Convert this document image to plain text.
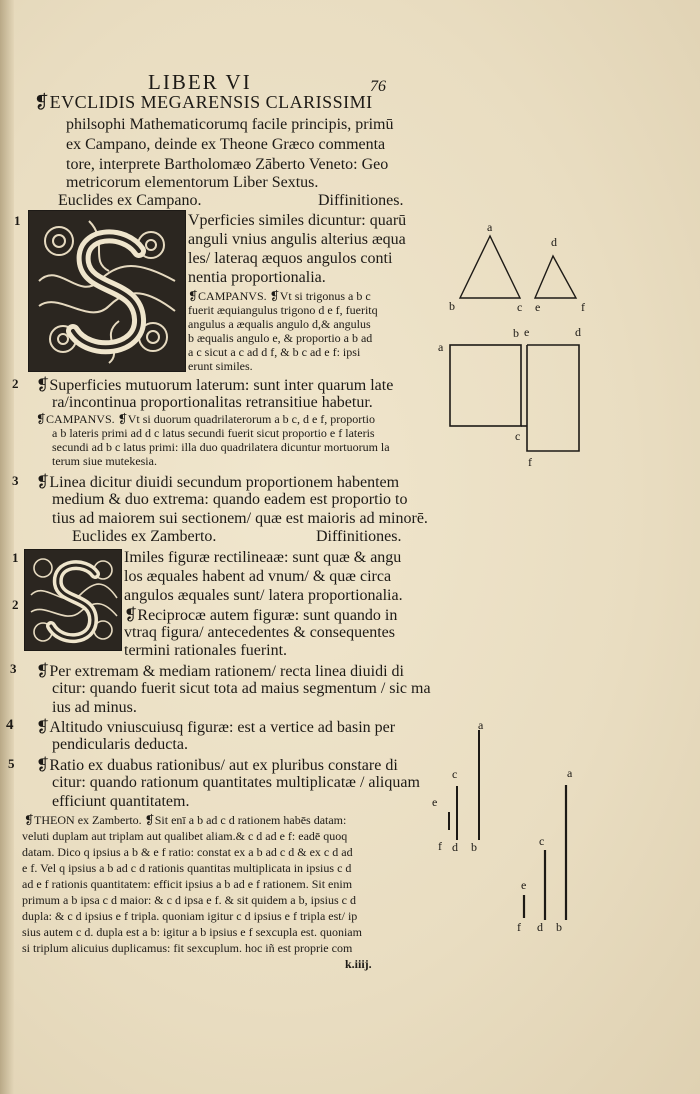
LIBER VI	76
❡EVCLIDIS MEGARENSIS CLARISSIMI
philsophi Mathematicorumq facile principis, primū
ex Campano, deinde ex Theone Græco commenta
tore, interprete Bartholomæo Zāberto Veneto: Geo
metricorum elementorum Liber Sextus.
Euclides ex Campano.	Diffinitiones.
Vperficies similes dicuntur: quarū
anguli vnius angulis alterius æqua
les/ lateraq æquos angulos conti
nentia proportionalia.
❡CAMPANVS. ❡Vt si trigonus a b c
fuerit æquiangulus trigono d e f, fueritq
angulus a æqualis angulo d,& angulus
b æqualis angulo e, & proportio a b ad
a c sicut a c ad d f, & b c ad e f: ipsi
erunt similes.
❡Superficies mutuorum laterum: sunt inter quarum late
ra/incontinua proportionalitas retransitiue habetur.
❡CAMPANVS. ❡Vt si duorum quadrilaterorum a b c, d e f, proportio
a b lateris primi ad d c latus secundi fuerit sicut proportio e f lateris
secundi ad b c latus primi: illa duo quadrilatera dicuntur mortuorum la
terum siue mutekesia.
❡Linea dicitur diuidi secundum proportionem habentem
medium & duo extrema: quando eadem est proportio to
tius ad maiorem sui sectionem/ quæ est maioris ad minorē.
Euclides ex Zamberto.	Diffinitiones.
Imiles figuræ rectilineaæ: sunt quæ & angu
los æquales habent ad vnum/ & quæ circa
angulos æquales sunt/ latera proportionalia.
❡Reciprocæ autem figuræ: sunt quando in
vtraq figura/ antecedentes & consequentes
termini rationales fuerint.
❡Per extremam & mediam rationem/ recta linea diuidi di
citur: quando fuerit sicut tota ad maius segmentum / sic ma
ius ad minus.
❡Altitudo vniuscuiusq figuræ: est a vertice ad basin per
pendicularis deducta.
❡Ratio ex duabus rationibus/ aut ex pluribus constare di
citur: quando rationum quantitates multiplicatæ / aliquam
efficiunt quantitatem.
❡THEON ex Zamberto. ❡Sit enī a b ad c d rationem habēs datam:
veluti duplam aut triplam aut qualibet aliam.& c d ad e f: eadē quoq
datam. Dico q ipsius a b & e f ratio: constat ex a b ad c d & ex c d ad
e f. Vel q ipsius a b ad c d rationis quantitas multiplicata in ipsius c d
ad e f rationis quantitatem: efficit ipsius a b ad e f rationem. Sit enim
primum a b ipsa c d maior: & c d ipsa e f. & sit quidem a b, ipsius c d
dupla: & c d ipsius e f tripla. quoniam igitur c d ipsius e f tripla est/ ip
sius autem c d. dupla est a b: igitur a b ipsius e f sexcupla est. quoniam
si triplum alicuius duplicamus: fit sexcuplum. hoc iñ est proprie com
k.iiij.
1
2
3
1
2
3
4
5
a
d
b	c e	f
b e	d
a
c
f
c
e
f d b
a
a
c
e
f d b
